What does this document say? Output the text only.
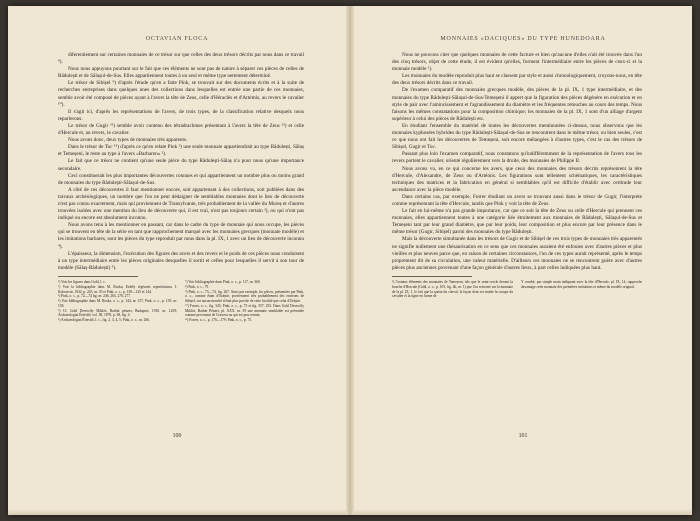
OCTAVIAN FLOCA

diferentiement sur certaines monnaies de ce trésor sur que celles des deux trésors décrits par nous dans ce travail ⁸).

Nous nous appuyons pourtant sur le fait que ces éléments ne sont pas de nature à séparer ces pièces de celles de Rădulești et de Sălașul-de-Sus. Elles appartiennent toutes à un seul et même type nettement déterminé.

Le trésor de Sibișel ⁹) d'après l'étude qu'en a faite Pink, se trouvait sur des documents écrits et à la suite de recherches entreprises dans quelques unes des collections dans lesquelles est entrée une partie de ces monnaies, semble avoir été composé de pièces ayant à l'avers la tête de Zeus, celle d'Héraclès et d'Artémis, au revers le cavalier ¹⁰).

Il s'agit ici, d'après les représentations de l'avers, de trois types, de la classification relative desquels nous reparlerons.

Le trésor de Gugir ¹¹) semble avoir contenu des tétradrachmes présentant à l'avers la tête de Zeus ¹²) et celle d'Hercule et, au revers, le cavalier.

Nous avons donc, deux types de monnaies très apparents.

Dans le trésor de Toc ¹³) d'après ce qu'en relate Pink ¹) une seule monnaie appartiendrait au type Rădulești, Sălaș et Temeșeni, le reste au type à l'avers «Barbaren» ²).

Le fait que ce trésor ne contient qu'une seule pièce du type Rădulești-Sălaș n'a pour nous qu'une importance secondaire.

Ceci constituerait les plus importantes découvertes connues et qui appartiennent un nombre plus ou moins grand de monnaies du type Rădulești-Sălașul-de-Sus.

A côté de ces découvertes il faut mentionner encore, soit appartenant à des collections, soit publiées dans des travaux archéologiques, un nombre que l'on ne peut dédaigner de semblables monnaies dont le lieu de découverte n'est pas connu exactement, mais qui proviennent de Transylvanie, très probablement de la vallée du Mureș et d'autres trouvées isolées avec une mention du lieu de découverte qui, il est vrai, n'est pas toujours certain ³), ou qui n'ont pas indiqué ou encore est absolument inconnu.

Nous avons tenu à les mentionner en passant, car dans le cadre du type de monnaie qui nous occupe, les pièces qui se trouvent en tête de la série en tant que rapprochement marqué avec les monnaies grecques (monnaie modèle) et les imitations barbares, sont les pièces du type reproduit par nous dans la pl. IX, 1 avec un lieu de découverte inconnu ⁴).

L'épaisseur, la dimension, l'exécution des figures des avers et des revers et le poids de ces pièces nous conduisent à un type intermédiaire entre les pièces originales desquelles il sortit et celles pour lesquelles il servit à son tour de modèle (Sălaș-Rădulești) ⁵).

¹) Voir les figures dans Gohl, l. c.
²) Voir la bibliographie dans M. Roska, Erdély régészeti repertóriuma, I. Kolozsvár, 1942, p. 245, nr. 35 et Pink, o. c., p. 138—145 et 144.
³) Pink, o. c., p. 72—74 fig. nr. 246, 265, 276, 277.
⁴) Voir bibliographie dans M. Roska, o. c., p. 144, nr. 157, Pink, o. c., p. 139, nr. 158.
⁵) Cf. Gohl Desewffy Miklós, Barbár pénzei, Budapest, 1910, nr. 1259; Archaeologiai Értesítő, vol. III, 1878, p. 69, fig. 4.
⁶) Archaeologiai Értesítő, l. c., fig. 2, 3, 4, 5; Pink, o. c., nr. 266.
⁷) Voir bibliographie dans Pink, o. c., p. 117, nr. 360.
⁸) Pink, o. c., 79.
⁹) Pink, o. c., 73—74, fig. 267. Ainsi par exemple, les pièces, présentées par Pink, o. c., comme étant d'Orăștie, proviennent très probablement des environs de Sibișel, car aucun marché n'était plus proche de cette localité que celui d'Orăștie.
¹⁰) Forrer, o. c., fig. 345, Pink, o. c., p. 75 et fig. 357, 253. Dans Gohl Desewffy Miklós, Barbár Pénzei, pl. XXX, nr. 59 une monnaie semblable est présentée comme provenant de Crasova ou qui est peu certain.
¹¹) Forrer, o. c., p. 176—179; Pink, o. c., p. 75.
100
MONNAIES «DACIQUES» DU TYPE HUNEDOARA

Nous ne pouvons citer que quelques monnaies de cette facture et bien qu'aucune d'elles n'ait été trouvée dans l'un des cinq trésors, objet de cette étude, il est évident qu'elles, forment l'intermédiaire entre les pièces de ceux-ci et la monnaie modèle ¹).

Les monnaies du modèle reproduit plus haut se classent par style et aussi chronologiquement, croyons-nous, en tête des deux trésors décrits dans ce travail.

De l'examen comparatif des monnaies grecques modèle, des pièces de la pl. IX, 1 type intermédiaire, et des monnaies du type Rădulești-Sălașul-de-Sus-Temeșeni il appert que la figuration des pièces dégénère en exécution et en style de pair avec l'amincissement et l'agrandissement du diamètre et les fréquentes retouches au cours des temps. Nous faisons les mêmes constatations pour la composition chimique; les monnaies de la pl. IX, 1 sont d'un alliage d'argent supérieur à celui des pièces de Rădulești etc.

En étudiant l'ensemble du matériel de toutes les découvertes mentionnées ci-dessus, nous observons que les monnaies kyphosées hybrides du type Rădulești-Sălașul-de-Sus se rencontrent dans le même trésor, ou bien seules, c'est ce que nous ont fait les découvertes de Temeșeni, soit encore mélangées à d'autres types, c'est le cas des trésors de Sibișel, Gugir et Toc.

Passant plus loin l'examen comparatif, nous constatons qu'indifféremment de la représentation de l'avers tous les revers portent le cavalier, orienté régulièrement vers la droite, des monnaies de Philippe II.

Nous avons vu, en ce qui concerne les avers, que ceux des monnaies des trésors décrits représentent la tête d'Hercule, d'Alexandre, de Zeus ou d'Artémis. Les figurations sont tellement schématiques, les caractéristiques techniques des matrices et la fabrication en général si semblables qu'il est difficile d'établir avec certitude leur ascendance avec la pièce modèle.

Dans certains cas, par exemple, Forrer étudiant un avers se trouvant aussi dans le trésor de Gugir, l'interprète comme représentant la tête d'Hercule, tandis que Pink y voit la tête de Zeus.

Le fait en lui-même n'a pas grande importance, car que ce soit la tête de Zeus ou celle d'Hercule qui prennent ces monnaies, elles appartiennent toutes à une catégorie liée étroitement aux monnaies de Rădulești, Sălașul-de-Sus et Temeșeni tant par leur grand diamètre, que par leur poids, leur composition et plus encore par leur présence dans le même trésor (Gugir, Sibișel) parmi des monnaies du type Rădulești.

Mais la découverte simultanée dans les trésors de Gugir et de Sibișel de ces trois types de monnaies très apparentés ne signifie nullement une thésaurisation en ce sens que ces monnaies auraient été enfouies avec d'autres pièces et plus vieilles et plus neuves parce que, en raison de certaines circonstances, l'un de ces types aurait représenté, après le temps proprement dit de sa circulation, une valeur matérielle. D'ailleurs ces monnaies ne se rencontrent guère avec d'autres pièces plus anciennes provenant d'une façon générale d'autres lieux, à part celles indiquées plus haut.

¹) Certains éléments des monnaies de Temeșeni, tels que le semi-cercle devant la bouche d'Hercule (Gohl, o. c., p. 105, fig. 4b, nr. 1) que l'on retrouve sur la monnaie de la pl. IX, 1, le fait que la queue du cheval, la façon dont est traitée la croupe du cavalier et la tigne en forme de
Y courbé, par simple main indiquant avec la tête d'Hercule, pl. IX, 14, rapproche davantage cette monnaie des premières imitations et même du modèle original.
101
